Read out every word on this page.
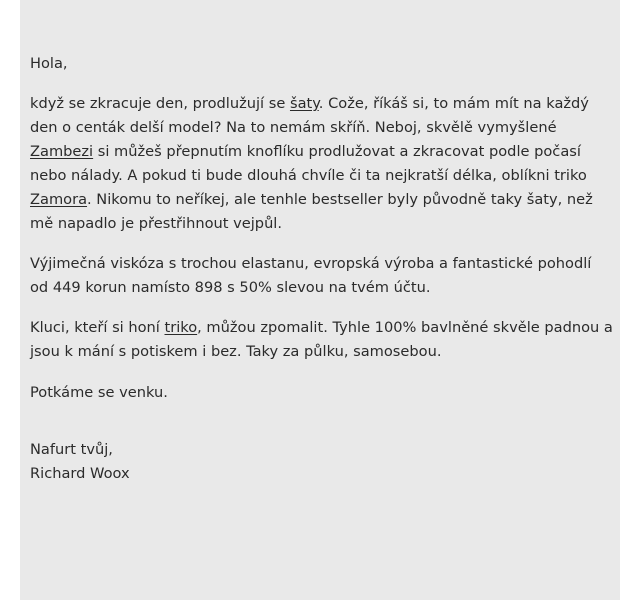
Hola,

když se zkracuje den, prodlužují se šaty. Cože, říkáš si, to mám mít na každý den o centák delší model? Na to nemám skříň. Neboj, skvělě vymyšlené Zambezi si můžeš přepnutím knoflíku prodlužovat a zkracovat podle počasí nebo nálady. A pokud ti bude dlouhá chvíle či ta nejkratší délka, oblíkni triko Zamora. Nikomu to neříkej, ale tenhle bestseller byly původně taky šaty, než mě napadlo je přestřihnout vejpůl.

Výjimečná viskóza s trochou elastanu, evropská výroba a fantastické pohodlí od 449 korun namísto 898 s 50% slevou na tvém účtu.

Kluci, kteří si honí triko, můžou zpomalit. Tyhle 100% bavlněné skvěle padnou a jsou k mání s potiskem i bez. Taky za půlku, samosebou.

Potkáme se venku.

Nafurt tvůj,

Richard Woox
